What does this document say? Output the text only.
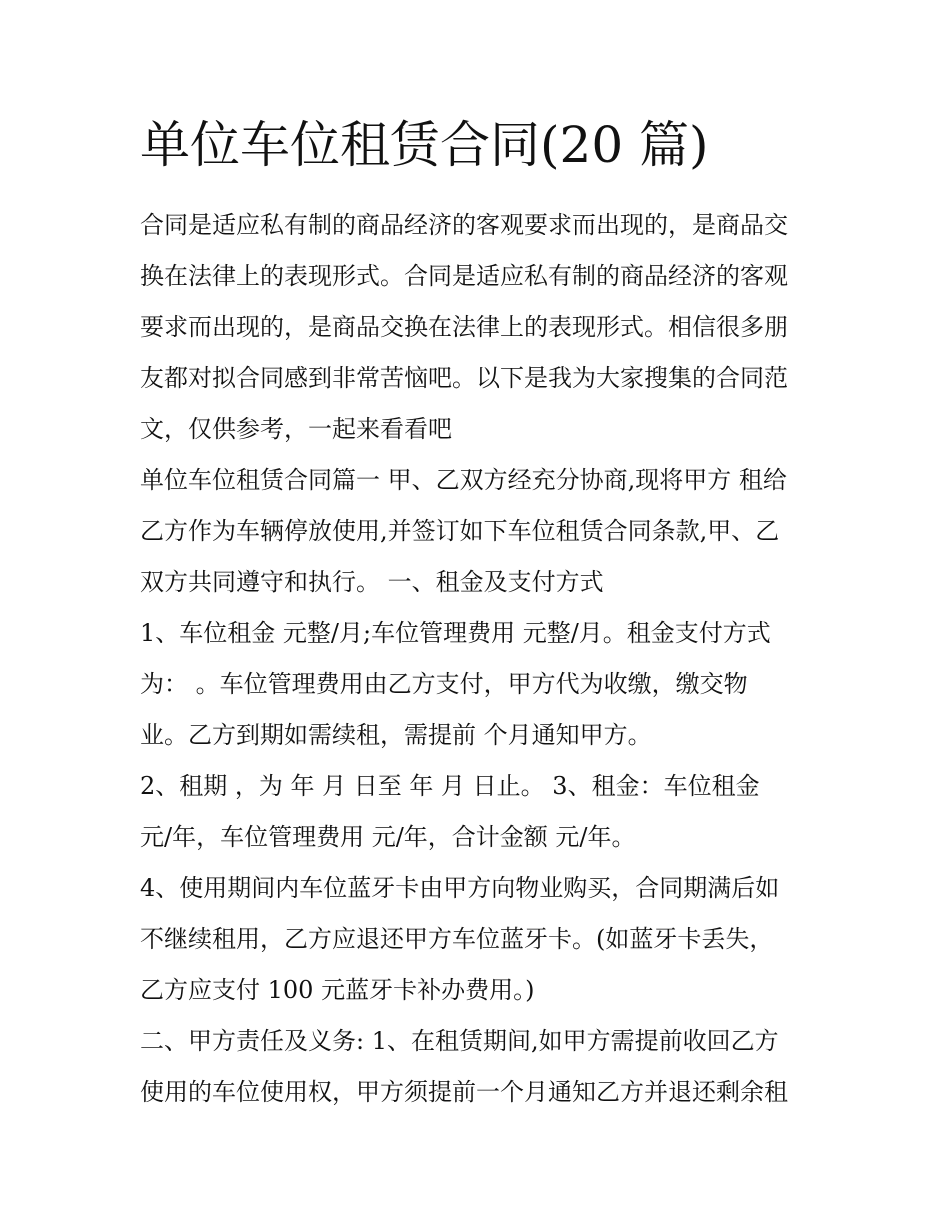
单位车位租赁合同(20 篇)

合同是适应私有制的商品经济的客观要求而出现的，是商品交
换在法律上的表现形式。合同是适应私有制的商品经济的客观
要求而出现的，是商品交换在法律上的表现形式。相信很多朋
友都对拟合同感到非常苦恼吧。以下是我为大家搜集的合同范
文，仅供参考，一起来看看吧

单位车位租赁合同篇一 甲、乙双方经充分协商,现将甲方 租给
乙方作为车辆停放使用,并签订如下车位租赁合同条款,甲、乙
双方共同遵守和执行。 一、租金及支付方式

1、车位租金 元整/月;车位管理费用 元整/月。租金支付方式
为： 。车位管理费用由乙方支付，甲方代为收缴，缴交物
业。乙方到期如需续租，需提前 个月通知甲方。

2、租期 ，为 年 月 日至 年 月 日止。 3、租金：车位租金
元/年，车位管理费用 元/年，合计金额 元/年。

4、使用期间内车位蓝牙卡由甲方向物业购买，合同期满后如
不继续租用，乙方应退还甲方车位蓝牙卡。(如蓝牙卡丢失，
乙方应支付 100 元蓝牙卡补办费用。)

二、甲方责任及义务: 1、在租赁期间,如甲方需提前收回乙方
使用的车位使用权，甲方须提前一个月通知乙方并退还剩余租
